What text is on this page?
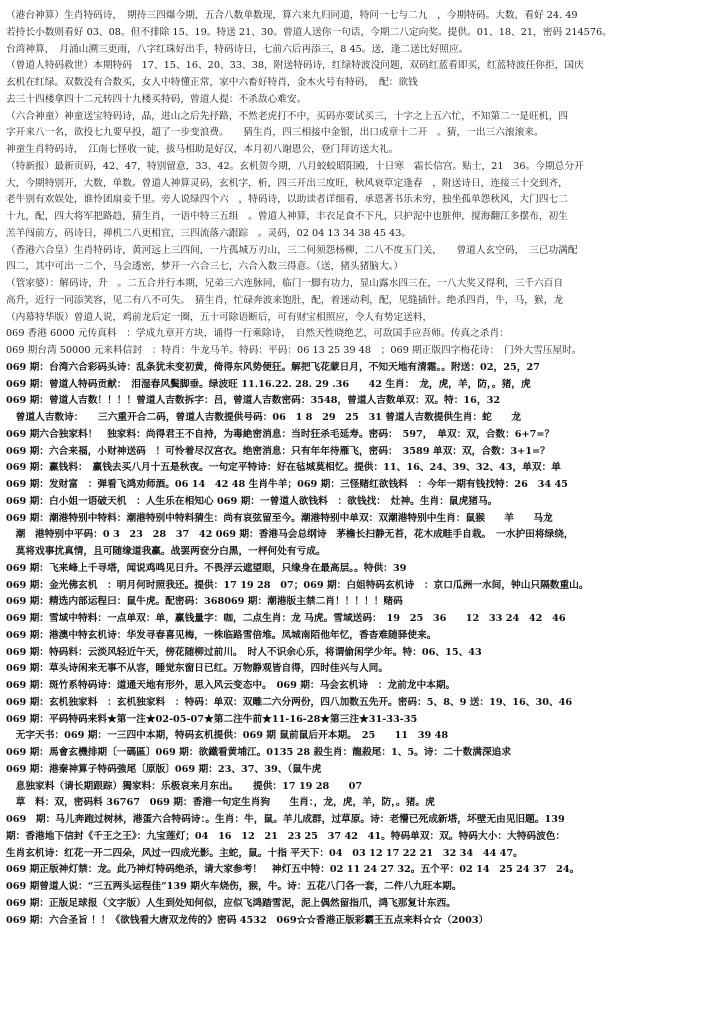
（港台神算）生肖特码诗，　期待三四爆今期，五合八数单数现，算六来九归同道，特问一七与二九　，今期特码。大数，看好 24. 49
若持长小数则看好 03、08。但不排除 15、19。特送 21、30。曾道人送你一句话，今期二八定向奖。提供。01、18、21，密码 214576。
台湾神算，　月涌山溯三更雨，八字红珠好出手，特码诗日，七前六后再添三，8 45。送，逢二送比好照应。
（曾道人特码救世）本期特码　17、15、16、20、33、38，附送特码诗，红绿特波没问题，双码红蓝看即买，红蓝特波任你拒，国庆
玄机在红绿。双数没有合数买，女人中特懂正常，家中六畜好特肖，金木火号有特码，　配：欲钱
去三十四楼拿四十二元转四十九楼买特码，曾道人提：不杀敌心难安。
（六合神童）神童送宝特码诗，晶，进山之后先抒路，不然老虎打不中，买码亦要试买三，十字之上五六忙，不知第二一是旺机，四
字开来八一名，欲投七九要早投，超了一步变浪费。　　猜生肖，四三相接中金银，出口成章十二开　。猜，一出三六滚滚来。
神童生肖特码诗，　江南七怪收一徒，拔马相助是好汉，本月初八谢恩公，登门拜访送大礼。
（特新报）最新页码，42、47，特别留意，33、42。玄机贺今期，八月蛟蛟昭阳殿，十日寒　霜长信宫。贴士，21　36。今期总分开
大，今期特别开，大数，单数。曾道人神算灵码，玄机字，析，四三开出三度旺，秋风衰草定逢春　，附送诗日，连接三十交到齐，
老牛别有欢娱处，谁怜团扇妾千里。旁人说绿四个六　，特码诗，以助读者详细看，承恩著书乐未穷，独坐孤单怨秋风，大门四七二
十九，配，四大将军把路趋，猜生肖，一语中特三五组　。曾道人神算，丰衣足食不下凡，只护泥中也脏伸，搅海翻江多摆布，初生
羔羊闯前方，码诗日，禅机二八更相宜，三四流落六跟踪　。灵码，02 04 13 34 38 45 43。
（香港六合皇）生肖特码诗，黄河远上三四间，一片孤城万刃山，三二何须怨杨柳，二八不度玉门关，　　曾道人玄空码，　三已功满配
四二，其中可出一二个，马会透密，梦开一六合三七，六合入数三得意。（送，猪头猪脑大。）
（管家婆）：解码诗，升　。二五合并行本期，兄弟三六连脉同，临门一脚有功力，显山露水四三在，一八大奖又得利，三千六百自
高升，近行一同添笑容，见二有八不可失。　猜生肖，忙碌奔波来饱肚，配，着迷动利，配，见缝插针。绝杀四肖，牛，马，猴，龙
（内幕特华版）曾道人说，鸡前龙后定一圈，五十可除语断后，可有财宝相照应，令人有势定送料，
069 香港 6000 元传真料　：学成九章开方块，诵得一行乘除诗，　自然天性晓绝艺，可敌国手应吾师。传真之杀肖：
069 期台湾 50000 元来料信封　：特肖：牛龙马羊。特码：平码：06 13 25 39 48　；069 期正版四字梅花诗：　门外大雪压屋时。
069 期：台湾六合彩码头诗：乱条犹未变初黄，倚得东风势便狂。解把飞花蒙日月，不知天地有清霜。。附送：02，25，27
069 期：曾道人特码贡献：　泪湿春风鬓脚垂。绿波旺 11.16.22. 28. 29 .36　　42 生肖：　龙，虎，羊，防，。猪，虎
069 期：曾道人吉数！！！！曾道人吉数拆字：吕，曾道人吉数密码：3548，曾道人吉数单双：双。特：16，32
　曾道人吉数诗：　　三六重开合二码，曾道人吉数提供号码：06　1 8　29　25　31 曾道人吉数提供生肖：蛇　　龙
069 期六合独家料！　独家料：尚得君王不自持，为毒絶密消息：当时狂杀毛延寿。密码：　597，　单双：双，合数：6+7=？
069 期：六合来福，小财神送码　！可怜着尽汉宫衣。绝密消息：只有年年待雁飞，密码：　3589 单双：双，合数：3+1=？
069 期：赢钱料：　赢钱去买八月十五是秋夜。一句定平特诗：好在毡城莫相忆。提供：11、16、24、39、32、43，单双：单
069 期：发财富　：弹看飞鸿劝师酒。06 14　42 48 生肖牛羊；069 期：三怪赌红欲钱料　：今年一期有钱找特：26　34 45
069 期：白小姐一语破天机　：人生乐在相知心 069 期：一曾道人欲钱料　：欲钱找：　灶神。生肖：鼠虎猪马。
069 期：潮港特别中特料：潮港特别中特料猜生：尚有哀弦留至今。潮港特别中单双：双潮港特别中生肖：鼠猴　　羊　　马龙
　潮　港特别中平码：0 3　23　28　37　42 069 期：香港马会总纲诗　茅檐长扫静无苔，花木成畦手自栽。　一水护田将绿绕，
　莫将戏事扰真情，且可随缘道我赢。战罢两奁分白黑，一枰何处有亏成。
069 期：飞来峰上千寻塔，闻说鸡鸣见日升。不畏浮云遮望眼，只缘身在最高层。。特供：39
069 期：金光佛玄机　：明月何时照我还。提供：17 19 28　07；069 期：白姐特码玄机诗　：京口瓜洲一水间，钟山只隔数重山。
069 期：精选内部运程曰：鼠牛虎。配密码：368069 期：潮港版主禁二肖！！！！！赌码
069 期：雪域中特料：一点单双：单，赢钱量字：咖，二点生肖：龙 马虎。雪域送码：　19　25　36　　12　33 24　42　46
069 期：港澳中特玄机诗：华发寻春喜见梅，一株临路雪倍堆。凤城南陌他年忆，香杳难随驿使来。
069 期：特码料：云淡风轻近午天，傍花随柳过前川。　时人不识余心乐，将谓偷闲学少年。特：06、15、43
069 期：草头诗闲来无事不从容，睡觉东窗日已红。万物静观皆自得，四时佳兴与人同。
069 期：斑竹系特码诗：道通天地有形外，思入风云变态中。　069 期：马会玄机诗　：龙前龙中本期。
069 期：玄机独家料　：玄机独家料　：特码：单双：双雕二六分两份，四八加数五先开。密码：5、8、9 送：19、16、30、46
069 期：平码特码来料★第一注★02-05-07★第二注牛前★11-16-28★第三注★31-33-35
　无字天书：069 期：一三四中本期，特码玄机提供：069 期 鼠前鼠后开本期。　25　　11　39 48
069 期：馬會玄機排期〔一碼區〕069 期：欲鐵看黄埔江。0135 28 殺生肖：龍殺尾：1、5。诗：二十数满深追求
069 期：港秦神算子特码強尾〔原版〕069 期：23、37、39、（鼠牛虎
　息独家料（请长期跟踪）獨家料：乐极哀来月东出。　　提供：17 19 28　　07
　草　料：双，密码料 36767　069 期：香港一句定生肖狗　　生肖：，龙，虎，羊，防，。猪。虎
069　期：马儿奔跑过树林，港蛋六合特码诗：。生肖：牛，鼠。羊儿成群，过草原。诗：老懵已死成新塔，坏壁无由见旧题。139
期：香港地下信封《千王之王》：九宝莲灯；04　16　12　21　23 25　37 42　41。特码单双：双。特码大小：大特码波色：
生肖玄机诗：红花一开二四朵，风过一四成光影。主蛇，鼠。十指 平天下：04　03 12 17 22 21　32 34　44 47。
069 期正版神灯禁：龙。此乃神灯特码绝杀，请大家参考！　神灯五中特：02 11 24 27 32。五个平：02 14　25 24 37　24。
069 期曾道人说：“三五两头运程佳”139 期火车烧伤，猴，牛。诗：五花八门各一套，二件八九旺本期。
069 期：正版足球报（文字版）人生到处知何似，应似飞鸿踏雪泥，泥上偶然留指爪，鸿飞那复计东西。
069 期：六合圣旨 ！！《欲钱看大唐双龙传的》密码 4532　069☆☆香港正版彩霸王五点来料☆☆（2003）
